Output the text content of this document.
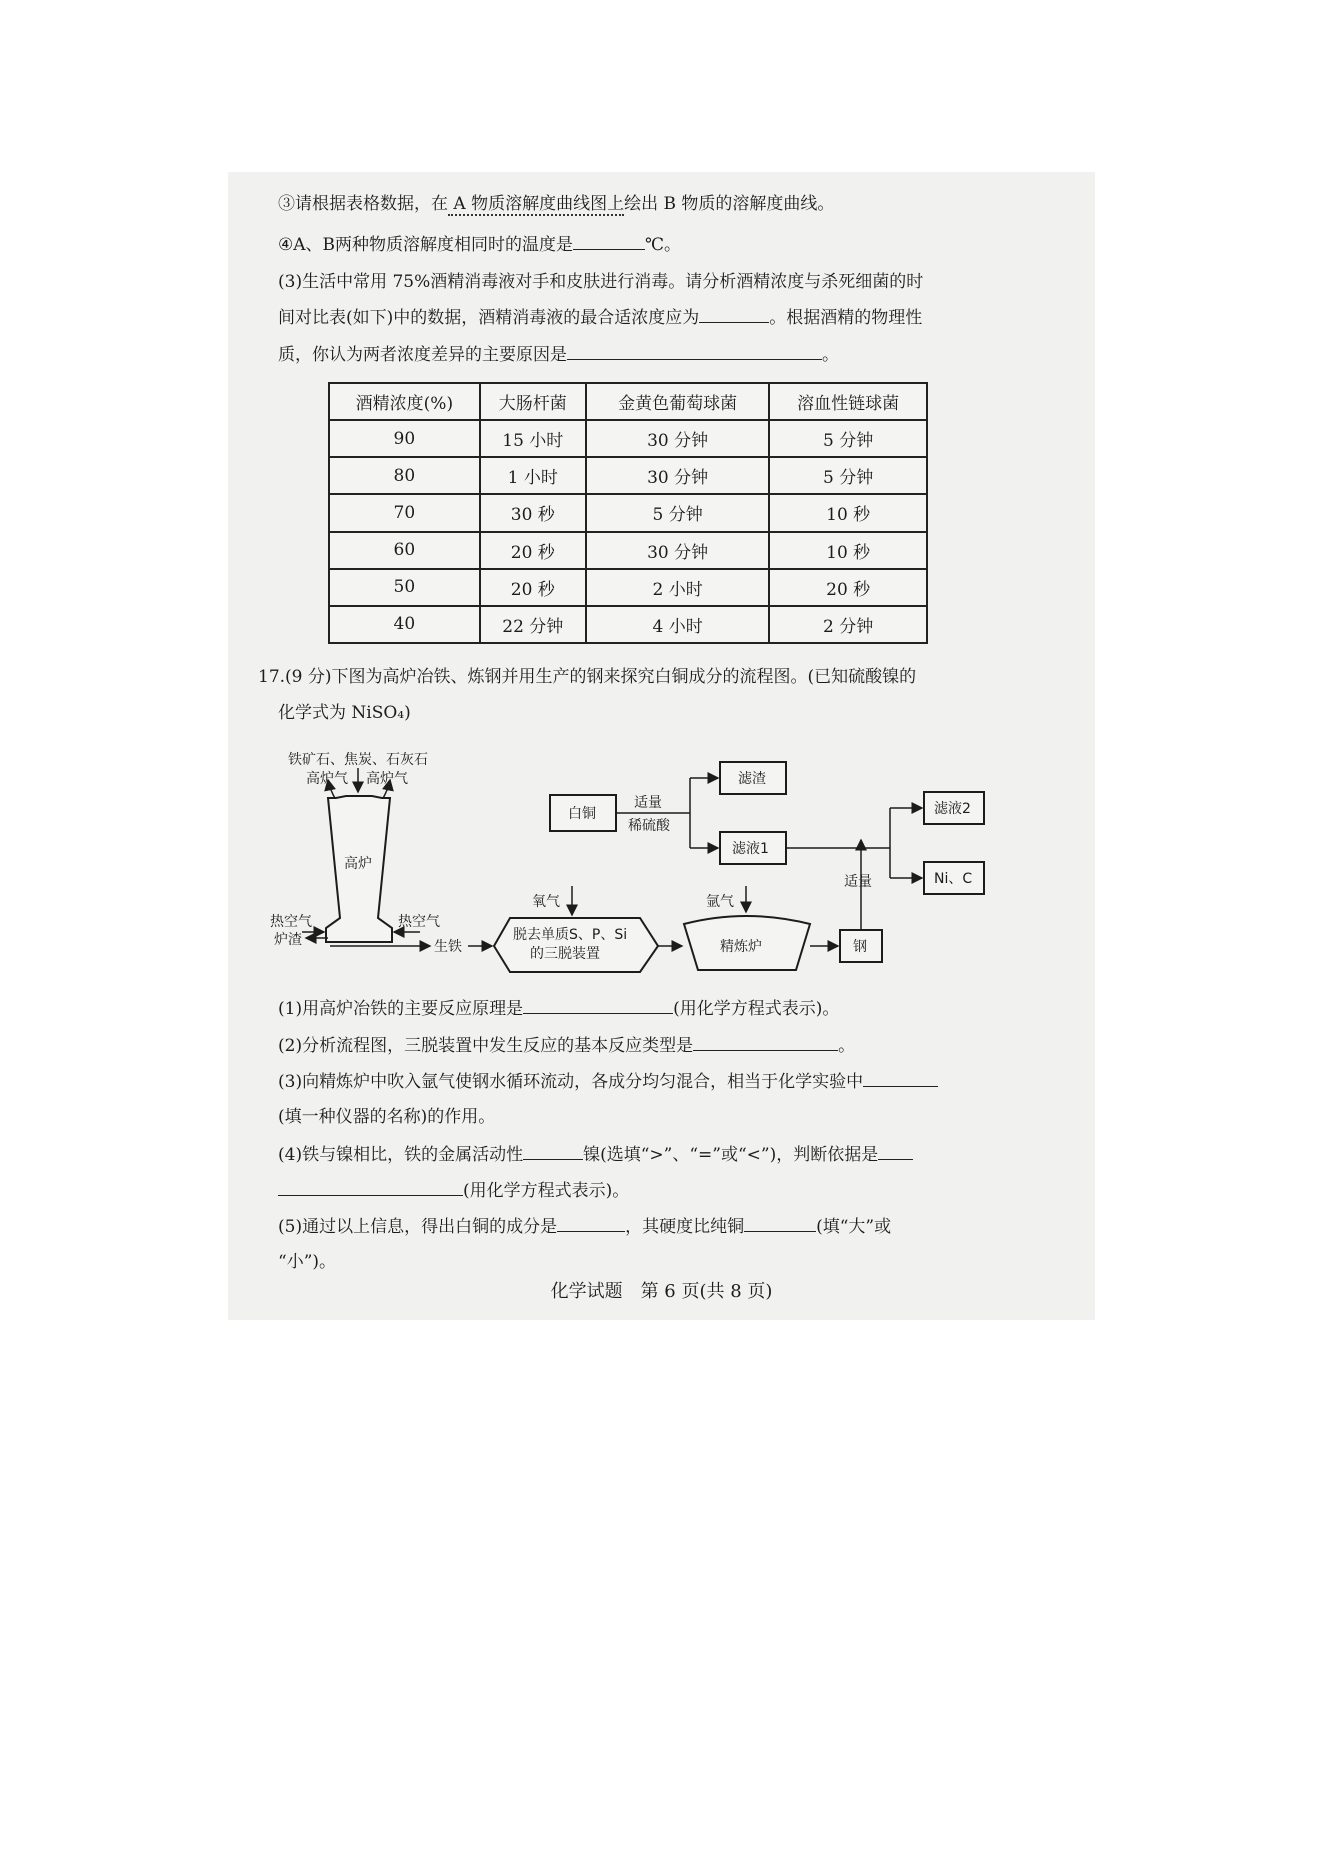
③请根据表格数据，在 A 物质溶解度曲线图上绘出 B 物质的溶解度曲线。
④A、B两种物质溶解度相同时的温度是	℃。
(3)生活中常用 75%酒精消毒液对手和皮肤进行消毒。请分析酒精浓度与杀死细菌的时
间对比表(如下)中的数据，酒精消毒液的最合适浓度应为	。根据酒精的物理性
质，你认为两者浓度差异的主要原因是	。
酒精浓度(%)	大肠杆菌	金黄色葡萄球菌	溶血性链球菌
90	15 小时	30 分钟	5 分钟
80	1 小时	30 分钟	5 分钟
70	30 秒	5 分钟	10 秒
60	20 秒	30 分钟	10 秒
50	20 秒	2 小时	20 秒
40	22 分钟	4 小时	2 分钟
17.(9 分)下图为高炉冶铁、炼钢并用生产的钢来探究白铜成分的流程图。(已知硫酸镍的
化学式为 NiSO₄)
铁矿石、焦炭、石灰石
高炉气 高炉气
高炉
热空气	热空气
炉渣	生铁
氧气
脱去单质S、P、Si
的三脱装置
氩气
精炼炉	钢
适量
白铜
适量
稀硫酸
滤渣
滤液1
滤液2
Ni、C
(1)用高炉冶铁的主要反应原理是	(用化学方程式表示)。
(2)分析流程图，三脱装置中发生反应的基本反应类型是	。
(3)向精炼炉中吹入氩气使钢水循环流动，各成分均匀混合，相当于化学实验中
(填一种仪器的名称)的作用。
(4)铁与镍相比，铁的金属活动性	镍(选填“>”、“=”或“<”)，判断依据是
(用化学方程式表示)。
(5)通过以上信息，得出白铜的成分是	，其硬度比纯铜	(填“大”或
“小”)。
化学试题　第 6 页(共 8 页)
